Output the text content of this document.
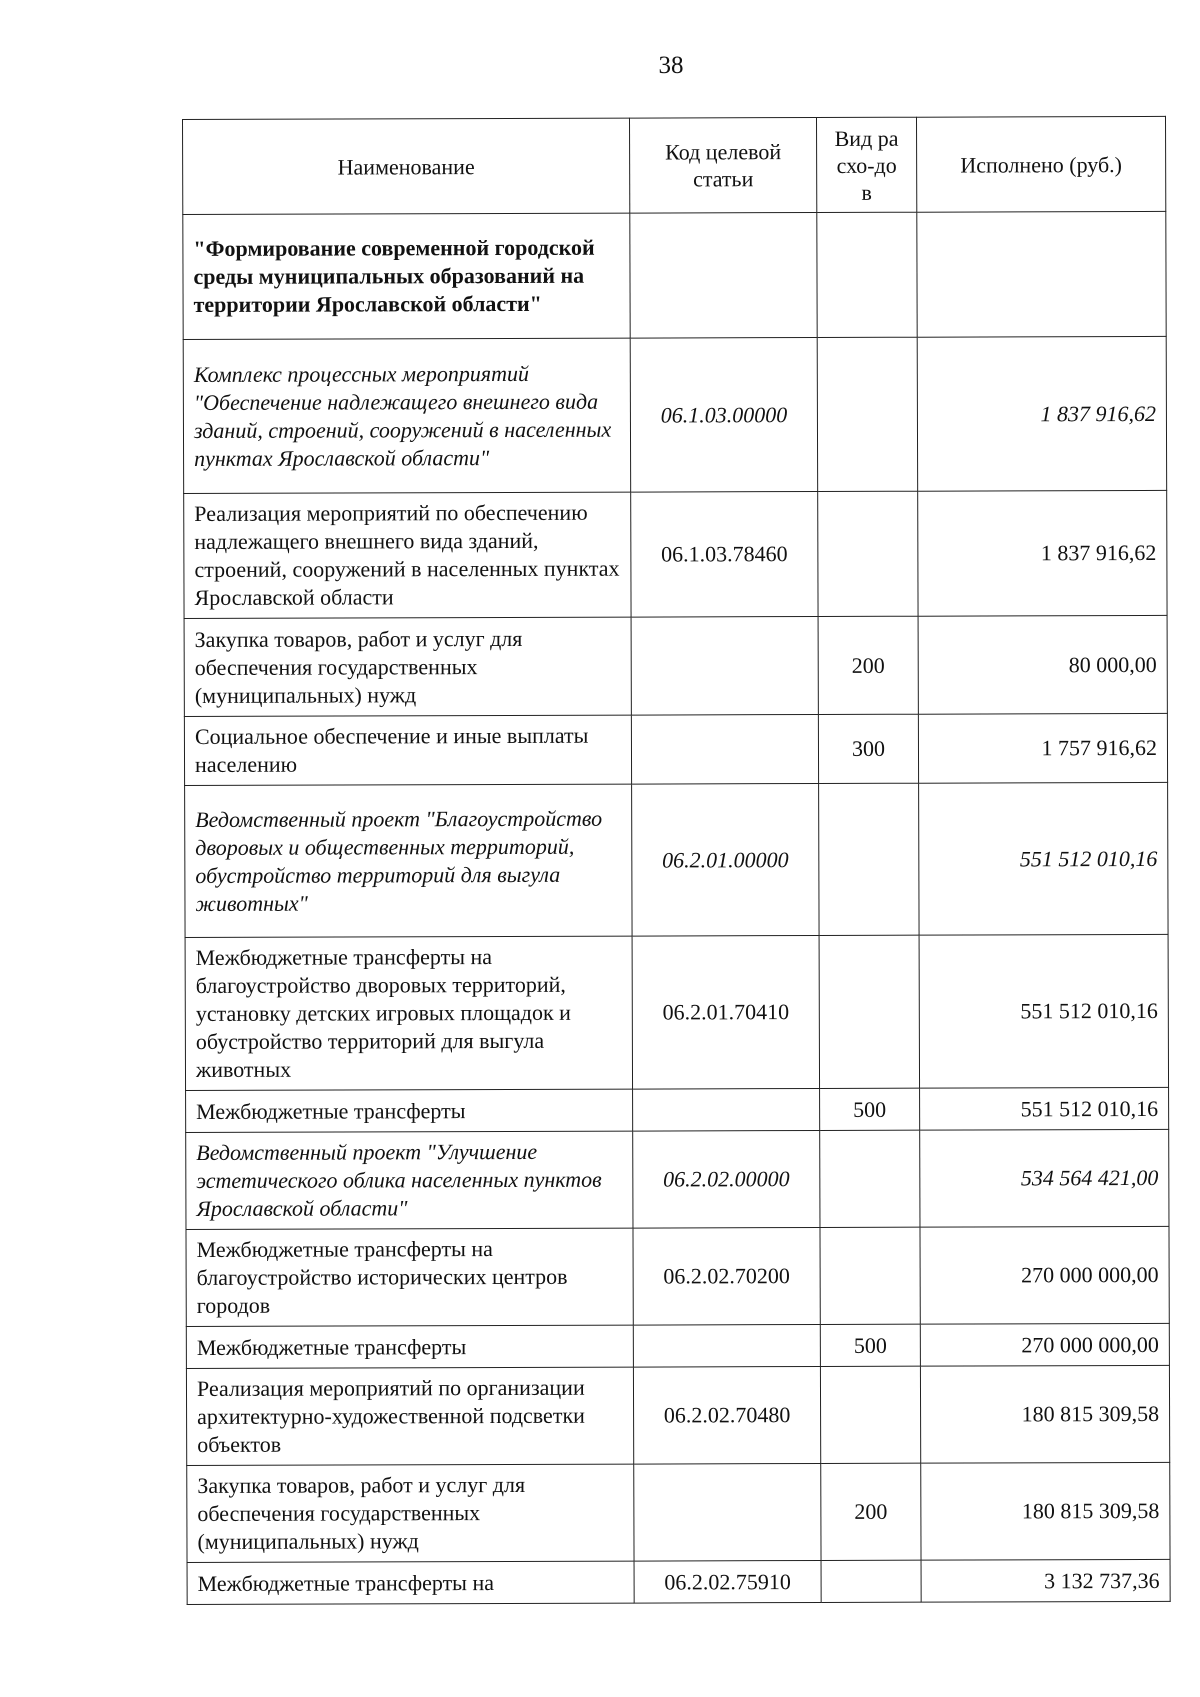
38
Наименование	Код целевой статьи	Вид расхо-дов	Исполнено (руб.)
"Формирование современной городской среды муниципальных образований на территории Ярославской области"			
Комплекс процессных мероприятий "Обеспечение надлежащего внешнего вида зданий, строений, сооружений в населенных пунктах Ярославской области"	06.1.03.00000		1 837 916,62
Реализация мероприятий по обеспечению надлежащего внешнего вида зданий, строений, сооружений в населенных пунктах Ярославской области	06.1.03.78460		1 837 916,62
Закупка товаров, работ и услуг для обеспечения государственных (муниципальных) нужд		200	80 000,00
Социальное обеспечение и иные выплаты населению		300	1 757 916,62
Ведомственный проект "Благоустройство дворовых и общественных территорий, обустройство территорий для выгула животных"	06.2.01.00000		551 512 010,16
Межбюджетные трансферты на благоустройство дворовых территорий, установку детских игровых площадок и обустройство территорий для выгула животных	06.2.01.70410		551 512 010,16
Межбюджетные трансферты		500	551 512 010,16
Ведомственный проект "Улучшение эстетического облика населенных пунктов Ярославской области"	06.2.02.00000		534 564 421,00
Межбюджетные трансферты на благоустройство исторических центров городов	06.2.02.70200		270 000 000,00
Межбюджетные трансферты		500	270 000 000,00
Реализация мероприятий по организации архитектурно-художественной подсветки объектов	06.2.02.70480		180 815 309,58
Закупка товаров, работ и услуг для обеспечения государственных (муниципальных) нужд		200	180 815 309,58
Межбюджетные трансферты на	06.2.02.75910		3 132 737,36
